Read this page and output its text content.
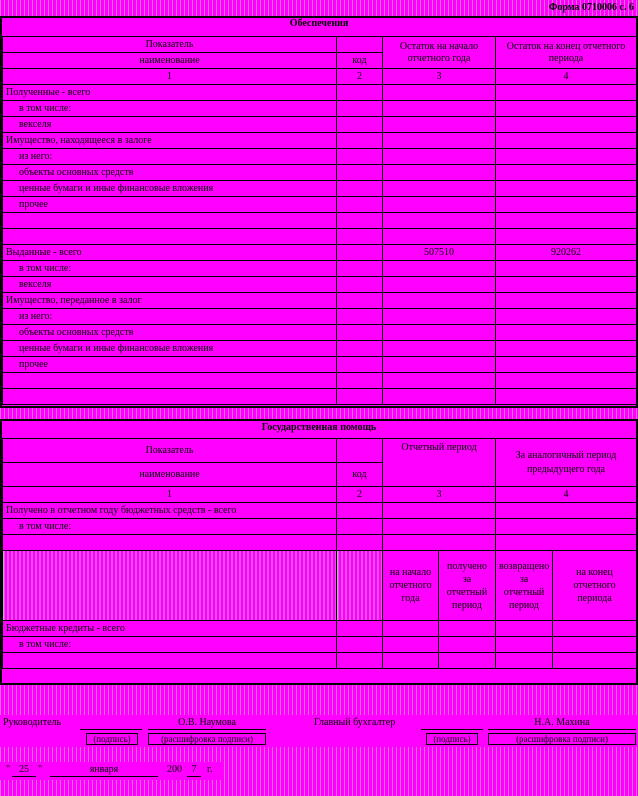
Форма 0710006 с. 6
Обеспечения
Показатель		Остаток на начало отчетного года	Остаток на конец отчетного периода
наименование	код		
1	2	3	4
Полученные - всего			
в том числе:			
векселя			
Имущество, находящееся в залоге			
из него:			
объекты основных средств			
ценные бумаги и иные финансовые вложения			
прочее			

Выданные - всего		507510	920262
в том числе:			
векселя			
Имущество, переданное в залог			
из него:			
объекты основных средств			
ценные бумаги и иные финансовые вложения			
прочее			

Государственная помощь
Показатель		Отчетный период		За аналогичный период предыдущего года	
наименование	код				
1	2	3		4	
Получено в отчетном году бюджетных средств - всего					
в том числе:					

		на начало отчетного года	получено за отчетный период	возвращено за отчетный период	на конец отчетного периода
Бюджетные кредиты - всего					
в том числе:					

Руководитель	О.В. Наумова
(подпись)	(расшифровка подписи)
Главный бухгалтер	Н.А. Махина
(подпись)	(расшифровка подписи)
" 25 "	января	200 7	г.
